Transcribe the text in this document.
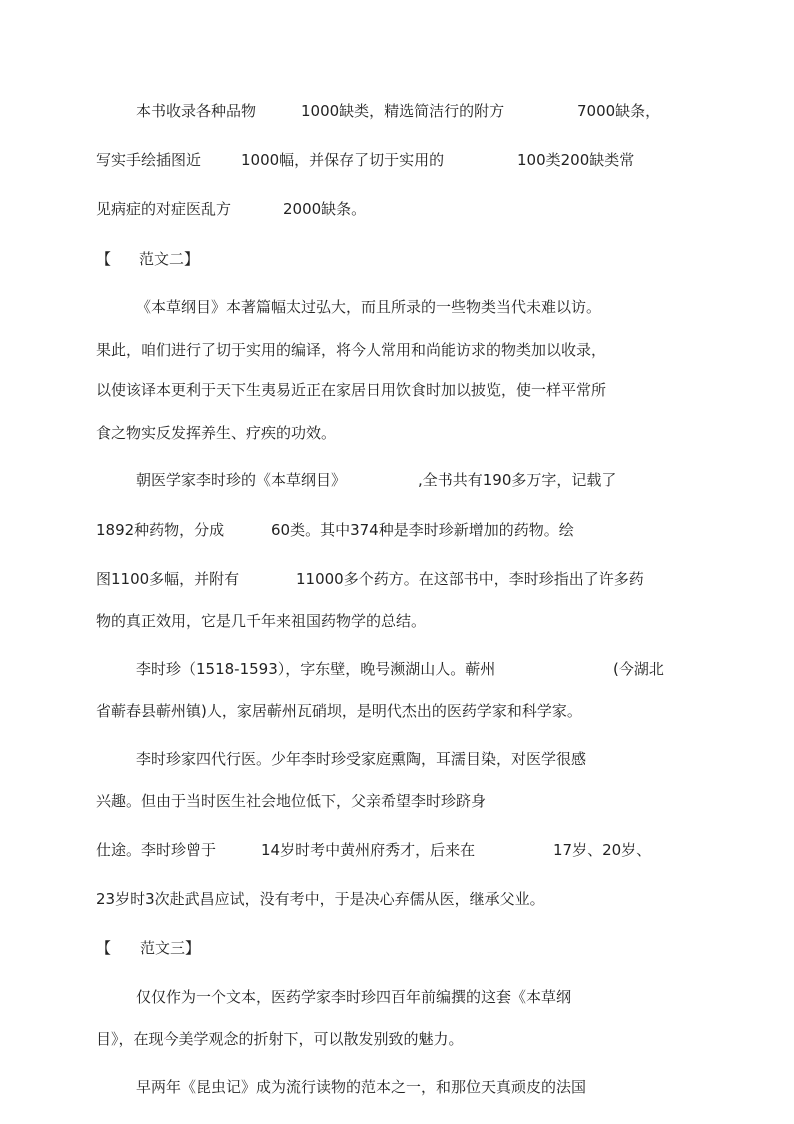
本书收录各种品物	1000缺类，精选简洁行的附方	7000缺条，
写实手绘插图近	1000幅，并保存了切于实用的	100类200缺类常
见病症的对症医乱方	2000缺条。
【 范文二】
《本草纲目》本著篇幅太过弘大，而且所录的一些物类当代未难以访。
果此，咱们进行了切于实用的编译，将今人常用和尚能访求的物类加以收录，
以使该译本更利于天下生夷易近正在家居日用饮食时加以披览，使一样平常所
食之物实反发挥养生、疗疾的功效。
朝医学家李时珍的《本草纲目》	,全书共有190多万字，记载了
1892种药物，分成	60类。其中374种是李时珍新增加的药物。绘
图1100多幅，并附有	11000多个药方。在这部书中，李时珍指出了许多药
物的真正效用，它是几千年来祖国药物学的总结。
李时珍（1518-1593），字东壁，晚号濒湖山人。蕲州	(今湖北
省蕲春县蕲州镇)人，家居蕲州瓦硝坝，是明代杰出的医药学家和科学家。
李时珍家四代行医。少年李时珍受家庭熏陶，耳濡目染，对医学很感
兴趣。但由于当时医生社会地位低下，父亲希望李时珍跻身
仕途。李时珍曾于	14岁时考中黄州府秀才，后来在	17岁、20岁、
23岁时3次赴武昌应试，没有考中，于是决心弃儒从医，继承父业。
【 范文三】
仅仅作为一个文本，医药学家李时珍四百年前编撰的这套《本草纲
目》，在现今美学观念的折射下，可以散发别致的魅力。
早两年《昆虫记》成为流行读物的范本之一，和那位天真顽皮的法国
